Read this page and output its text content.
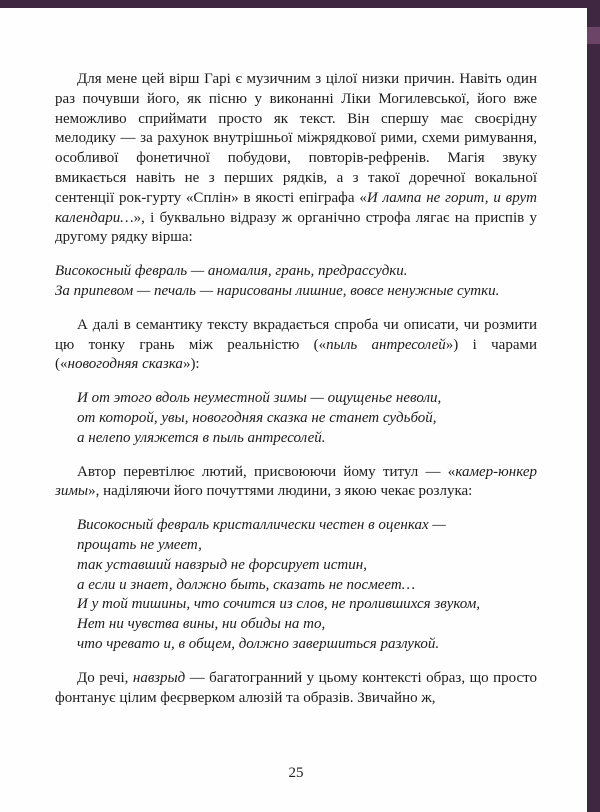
Для мене цей вірш Гарі є музичним з цілої низки причин. Навіть один раз почувши його, як пісню у виконанні Ліки Могилевської, його вже неможливо сприймати просто як текст. Він спершу має своєрідну мелодику — за рахунок внутрішньої міжрядкової рими, схеми римування, особливої фонетичної побудови, повторів-рефренів. Магія звуку вмикається навіть не з перших рядків, а з такої доречної вокальної сентенції рок-гурту «Сплін» в якості епіграфа «И лампа не горит, и врут календари…», і буквально відразу ж органічно строфа лягає на приспів у другому рядку вірша:

Високосный февраль — аномалия, грань, предрассудки.
За припевом — печаль — нарисованы лишние, вовсе ненужные сутки.

А далі в семантику тексту вкрадається спроба чи описати, чи розмити цю тонку грань між реальністю («пыль антресолей») і чарами («новогодняя сказка»):

И от этого вдоль неуместной зимы — ощущенье неволи,
от которой, увы, новогодняя сказка не станет судьбой,
а нелепо уляжется в пыль антресолей.

Автор перевтілює лютий, присвоюючи йому титул — «камер-юнкер зимы», наділяючи його почуттями людини, з якою чекає розлука:

Високосный февраль кристаллически честен в оценках —
прощать не умеет,
так уставший навзрыд не форсирует истин,
а если и знает, должно быть, сказать не посмеет…
И у той тишины, что сочится из слов, не пролившихся звуком,
Нет ни чувства вины, ни обиды на то,
что чревато и, в общем, должно завершиться разлукой.

До речі, навзрыд — багатогранний у цьому контексті образ, що просто фонтанує цілим феєрверком алюзій та образів. Звичайно ж,

25
